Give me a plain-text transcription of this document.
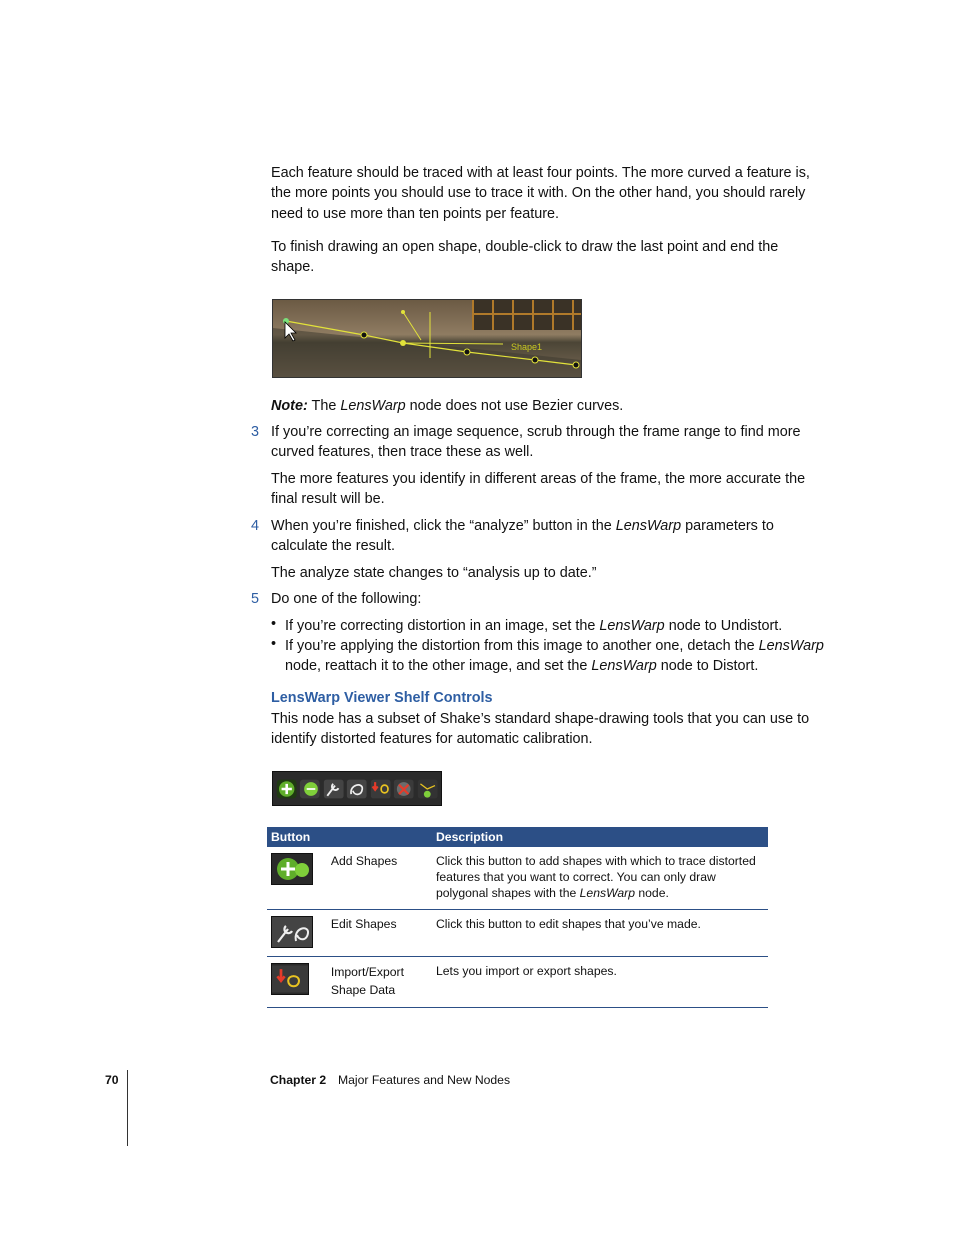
Each feature should be traced with at least four points. The more curved a feature is, the more points you should use to trace it with. On the other hand, you should rarely need to use more than ten points per feature.

To finish drawing an open shape, double-click to draw the last point and end the shape.

Shape1
Note: The LensWarp node does not use Bezier curves.
3 If you’re correcting an image sequence, scrub through the frame range to find more curved features, then trace these as well.

The more features you identify in different areas of the frame, the more accurate the final result will be.

4 When you’re finished, click the “analyze” button in the LensWarp parameters to calculate the result.

The analyze state changes to “analysis up to date.”

5 Do one of the following:

• If you’re correcting distortion in an image, set the LensWarp node to Undistort.
• If you’re applying the distortion from this image to another one, detach the LensWarp node, reattach it to the other image, and set the LensWarp node to Distort.
LensWarp Viewer Shelf Controls

This node has a subset of Shake’s standard shape-drawing tools that you can use to identify distorted features for automatic calibration.

Button		Description

	Add Shapes	Click this button to add shapes with which to trace distorted features that you want to correct. You can only draw polygonal shapes with the LensWarp node.

	Edit Shapes	Click this button to edit shapes that you’ve made.

	Import/Export Shape Data	Lets you import or export shapes.
70	Chapter 2 Major Features and New Nodes
